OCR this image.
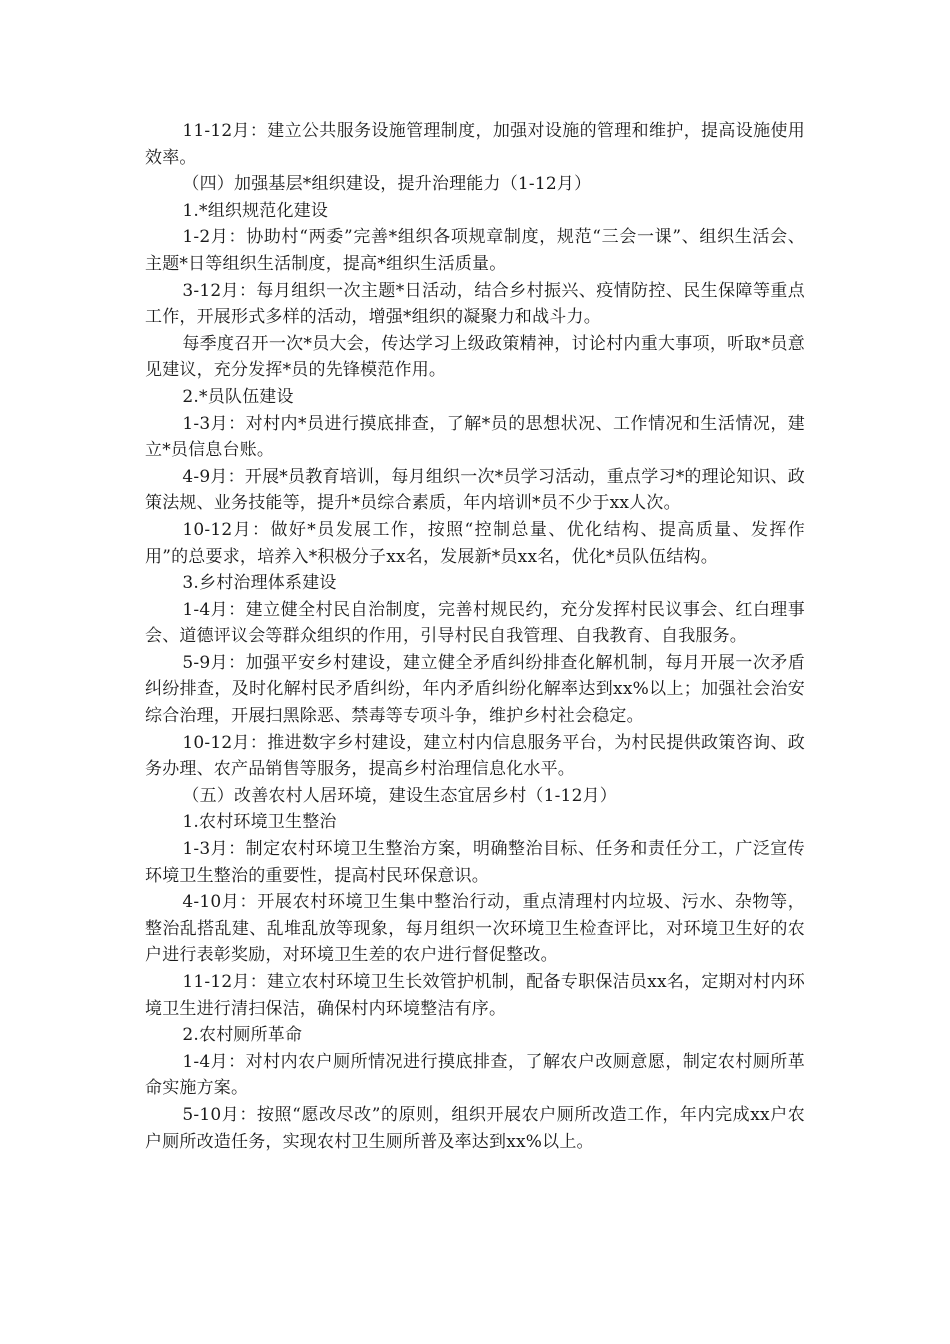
11-12月：建立公共服务设施管理制度，加强对设施的管理和维护，提高设施使用效率。

（四）加强基层*组织建设，提升治理能力（1-12月）

1.*组织规范化建设

1-2月：协助村“两委”完善*组织各项规章制度，规范“三会一课”、组织生活会、主题*日等组织生活制度，提高*组织生活质量。

3-12月：每月组织一次主题*日活动，结合乡村振兴、疫情防控、民生保障等重点工作，开展形式多样的活动，增强*组织的凝聚力和战斗力。

每季度召开一次*员大会，传达学习上级政策精神，讨论村内重大事项，听取*员意见建议，充分发挥*员的先锋模范作用。

2.*员队伍建设

1-3月：对村内*员进行摸底排查，了解*员的思想状况、工作情况和生活情况，建立*员信息台账。

4-9月：开展*员教育培训，每月组织一次*员学习活动，重点学习*的理论知识、政策法规、业务技能等，提升*员综合素质，年内培训*员不少于xx人次。

10-12月：做好*员发展工作，按照“控制总量、优化结构、提高质量、发挥作用”的总要求，培养入*积极分子xx名，发展新*员xx名，优化*员队伍结构。

3.乡村治理体系建设

1-4月：建立健全村民自治制度，完善村规民约，充分发挥村民议事会、红白理事会、道德评议会等群众组织的作用，引导村民自我管理、自我教育、自我服务。

5-9月：加强平安乡村建设，建立健全矛盾纠纷排查化解机制，每月开展一次矛盾纠纷排查，及时化解村民矛盾纠纷，年内矛盾纠纷化解率达到xx%以上；加强社会治安综合治理，开展扫黑除恶、禁毒等专项斗争，维护乡村社会稳定。

10-12月：推进数字乡村建设，建立村内信息服务平台，为村民提供政策咨询、政务办理、农产品销售等服务，提高乡村治理信息化水平。

（五）改善农村人居环境，建设生态宜居乡村（1-12月）

1.农村环境卫生整治

1-3月：制定农村环境卫生整治方案，明确整治目标、任务和责任分工，广泛宣传环境卫生整治的重要性，提高村民环保意识。

4-10月：开展农村环境卫生集中整治行动，重点清理村内垃圾、污水、杂物等，整治乱搭乱建、乱堆乱放等现象，每月组织一次环境卫生检查评比，对环境卫生好的农户进行表彰奖励，对环境卫生差的农户进行督促整改。

11-12月：建立农村环境卫生长效管护机制，配备专职保洁员xx名，定期对村内环境卫生进行清扫保洁，确保村内环境整洁有序。

2.农村厕所革命

1-4月：对村内农户厕所情况进行摸底排查，了解农户改厕意愿，制定农村厕所革命实施方案。

5-10月：按照“愿改尽改”的原则，组织开展农户厕所改造工作，年内完成xx户农户厕所改造任务，实现农村卫生厕所普及率达到xx%以上。
